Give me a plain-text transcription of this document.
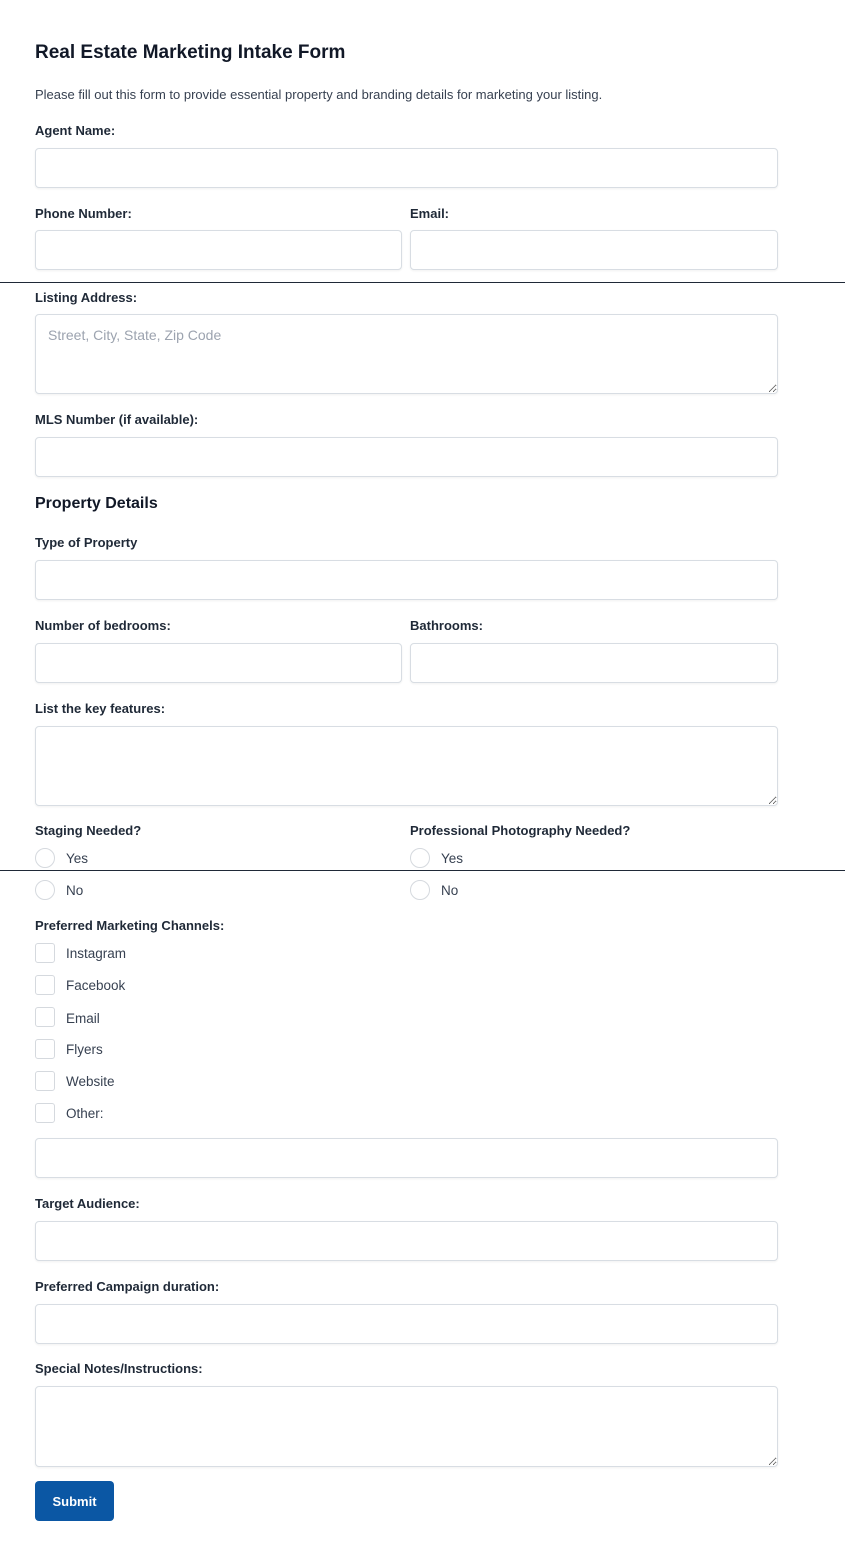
Real Estate Marketing Intake Form
Please fill out this form to provide essential property and branding details for marketing your listing.
Agent Name:
Phone Number:	Email:
Listing Address:
Street, City, State, Zip Code
MLS Number (if available):
Property Details
Type of Property
Number of bedrooms:	Bathrooms:
List the key features:
Staging Needed?	Professional Photography Needed?
Yes	Yes
No	No
Preferred Marketing Channels:
Instagram
Facebook
Email
Flyers
Website
Other:
Target Audience:
Preferred Campaign duration:
Special Notes/Instructions:
Submit
